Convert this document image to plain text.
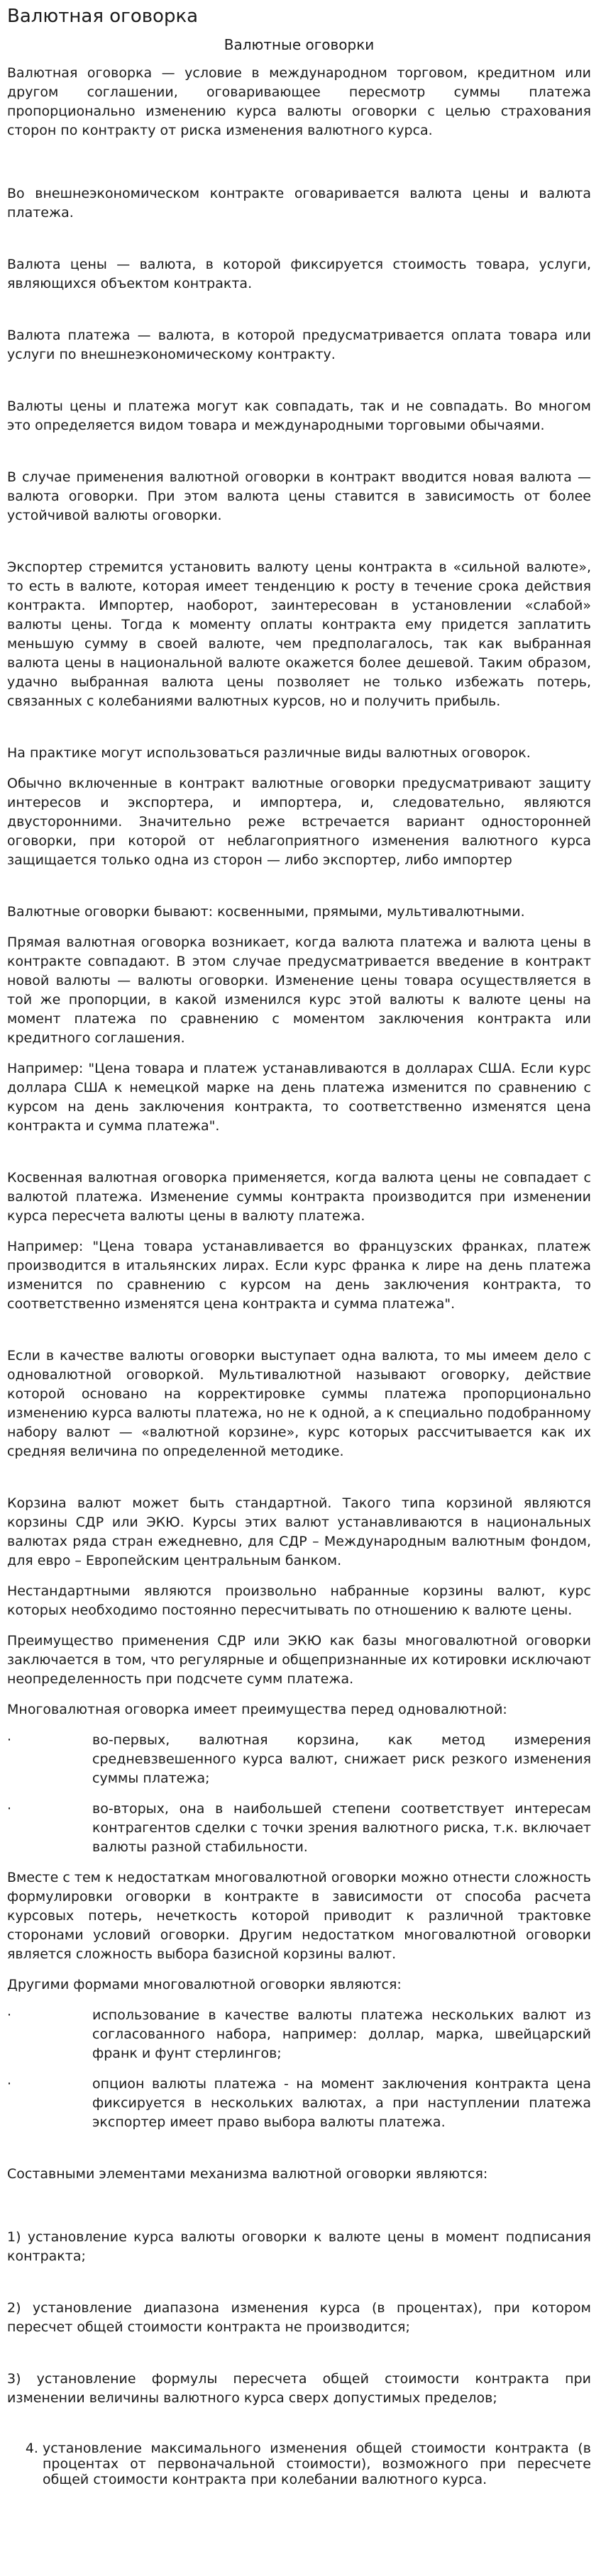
Валютная оговорка
Валютные оговорки

Валютная оговорка — условие в международном торговом, кредитном или другом соглашении, оговаривающее пересмотр суммы платежа пропорционально изменению курса валюты оговорки с целью страхования сторон по контракту от риска изменения валютного курса.

Во внешнеэкономическом контракте оговаривается валюта цены и валюта платежа.

Валюта цены — валюта, в которой фиксируется стоимость товара, услуги, являющихся объектом контракта.

Валюта платежа — валюта, в которой предусматривается оплата товара или услуги по внешнеэкономическому контракту.

Валюты цены и платежа могут как совпадать, так и не совпадать. Во многом это определяется видом товара и международными торговыми обычаями.

В случае применения валютной оговорки в контракт вводится новая валюта — валюта оговорки. При этом валюта цены ставится в зависимость от более устойчивой валюты оговорки.

Экспортер стремится установить валюту цены контракта в «сильной валюте», то есть в валюте, которая имеет тенденцию к росту в течение срока действия контракта. Импортер, наоборот, заинтересован в установлении «слабой» валюты цены. Тогда к моменту оплаты контракта ему придется заплатить меньшую сумму в своей валюте, чем предполагалось, так как выбранная валюта цены в национальной валюте окажется более дешевой. Таким образом, удачно выбранная валюта цены позволяет не только избежать потерь, связанных с колебаниями валютных курсов, но и получить прибыль.

На практике могут использоваться различные виды валютных оговорок.

Обычно включенные в контракт валютные оговорки предусматривают защиту интересов и экспортера, и импортера, и, следовательно, являются двусторонними. Значительно реже встречается вариант односторонней оговорки, при которой от неблагоприятного изменения валютного курса защищается только одна из сторон — либо экспортер, либо импортер

Валютные оговорки бывают: косвенными, прямыми, мультивалютными.

Прямая валютная оговорка возникает, когда валюта платежа и валюта цены в контракте совпадают. В этом случае предусматривается введение в контракт новой валюты — валюты оговорки. Изменение цены товара осуществляется в той же пропорции, в какой изменился курс этой валюты к валюте цены на момент платежа по сравнению с моментом заключения контракта или кредитного соглашения.

Например: "Цена товара и платеж устанавливаются в долларах США. Если курс доллара США к немецкой марке на день платежа изменится по сравнению с курсом на день заключения контракта, то соответственно изменятся цена контракта и сумма платежа".

Косвенная валютная оговорка применяется, когда валюта цены не совпадает с валютой платежа. Изменение суммы контракта производится при изменении курса пересчета валюты цены в валюту платежа.

Например: "Цена товара устанавливается во французских франках, платеж производится в итальянских лирах. Если курс франка к лире на день платежа изменится по сравнению с курсом на день заключения контракта, то соответственно изменятся цена контракта и сумма платежа".

Если в качестве валюты оговорки выступает одна валюта, то мы имеем дело с одновалютной оговоркой. Мультивалютной называют оговорку, действие которой основано на корректировке суммы платежа пропорционально изменению курса валюты платежа, но не к одной, а к специально подобранному набору валют — «валютной корзине», курс которых рассчитывается как их средняя величина по определенной методике.

Корзина валют может быть стандартной. Такого типа корзиной являются корзины СДР или ЭКЮ. Курсы этих валют устанавливаются в национальных валютах ряда стран ежедневно, для СДР – Международным валютным фондом, для евро – Европейским центральным банком.

Нестандартными являются произвольно набранные корзины валют, курс которых необходимо постоянно пересчитывать по отношению к валюте цены.

Преимущество применения СДР или ЭКЮ как базы многовалютной оговорки заключается в том, что регулярные и общепризнанные их котировки исключают неопределенность при подсчете сумм платежа.

Многовалютная оговорка имеет преимущества перед одновалютной:

·	во-первых, валютная корзина, как метод измерения средневзвешенного курса валют, снижает риск резкого изменения суммы платежа;

·	во-вторых, она в наибольшей степени соответствует интересам контрагентов сделки с точки зрения валютного риска, т.к. включает валюты разной стабильности.

Вместе с тем к недостаткам многовалютной оговорки можно отнести сложность формулировки оговорки в контракте в зависимости от способа расчета курсовых потерь, нечеткость которой приводит к различной трактовке сторонами условий оговорки. Другим недостатком многовалютной оговорки является сложность выбора базисной корзины валют.

Другими формами многовалютной оговорки являются:

·	использование в качестве валюты платежа нескольких валют из согласованного набора, например: доллар, марка, швейцарский франк и фунт стерлингов;

·	опцион валюты платежа - на момент заключения контракта цена фиксируется в нескольких валютах, а при наступлении платежа экспортер имеет право выбора валюты платежа.

Составными элементами механизма валютной оговорки являются:

1) установление курса валюты оговорки к валюте цены в момент подписания контракта;

2) установление диапазона изменения курса (в процентах), при котором пересчет общей стоимости контракта не производится;

3) установление формулы пересчета общей стоимости контракта при изменении величины валютного курса сверх допустимых пределов;

4. установление максимального изменения общей стоимости контракта (в процентах от первоначальной стоимости), возможного при пересчете общей стоимости контракта при колебании валютного курса.
